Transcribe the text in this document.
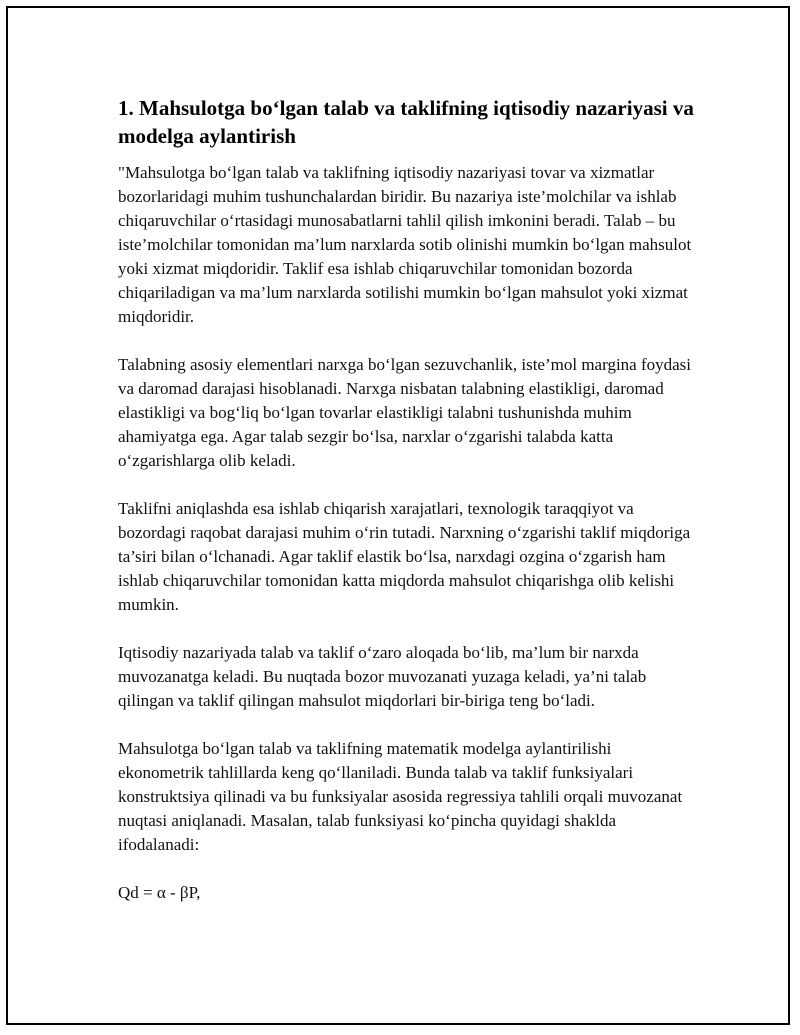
1. Mahsulotga bo‘lgan talab va taklifning iqtisodiy nazariyasi va modelga aylantirish

"Mahsulotga bo‘lgan talab va taklifning iqtisodiy nazariyasi tovar va xizmatlar bozorlaridagi muhim tushunchalardan biridir. Bu nazariya iste’molchilar va ishlab chiqaruvchilar o‘rtasidagi munosabatlarni tahlil qilish imkonini beradi. Talab – bu iste’molchilar tomonidan ma’lum narxlarda sotib olinishi mumkin bo‘lgan mahsulot yoki xizmat miqdoridir. Taklif esa ishlab chiqaruvchilar tomonidan bozorda chiqariladigan va ma’lum narxlarda sotilishi mumkin bo‘lgan mahsulot yoki xizmat miqdoridir.

Talabning asosiy elementlari narxga bo‘lgan sezuvchanlik, iste’mol margina foydasi va daromad darajasi hisoblanadi. Narxga nisbatan talabning elastikligi, daromad elastikligi va bog‘liq bo‘lgan tovarlar elastikligi talabni tushunishda muhim ahamiyatga ega. Agar talab sezgir bo‘lsa, narxlar o‘zgarishi talabda katta o‘zgarishlarga olib keladi.

Taklifni aniqlashda esa ishlab chiqarish xarajatlari, texnologik taraqqiyot va bozordagi raqobat darajasi muhim o‘rin tutadi. Narxning o‘zgarishi taklif miqdoriga ta’siri bilan o‘lchanadi. Agar taklif elastik bo‘lsa, narxdagi ozgina o‘zgarish ham ishlab chiqaruvchilar tomonidan katta miqdorda mahsulot chiqarishga olib kelishi mumkin.

Iqtisodiy nazariyada talab va taklif o‘zaro aloqada bo‘lib, ma’lum bir narxda muvozanatga keladi. Bu nuqtada bozor muvozanati yuzaga keladi, ya’ni talab qilingan va taklif qilingan mahsulot miqdorlari bir-biriga teng bo‘ladi.

Mahsulotga bo‘lgan talab va taklifning matematik modelga aylantirilishi ekonometrik tahlillarda keng qo‘llaniladi. Bunda talab va taklif funksiyalari konstruktsiya qilinadi va bu funksiyalar asosida regressiya tahlili orqali muvozanat nuqtasi aniqlanadi. Masalan, talab funksiyasi ko‘pincha quyidagi shaklda ifodalanadi:

Qd = α - βP,
